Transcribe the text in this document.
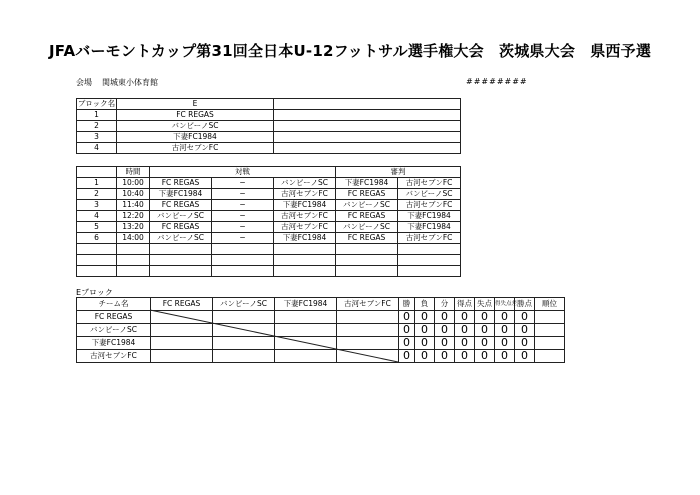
JFAバーモントカップ第31回全日本U-12フットサル選手権大会　茨城県大会　県西予選
会場 関城東小体育館	########
ブロック名	E	
1	FC REGAS	
2	バンビーノSC	
3	下妻FC1984	
4	古河セブンFC	
	時間	対戦			審判	
1	10:00	FC REGAS	−	バンビーノSC	下妻FC1984	古河セブンFC
2	10:40	下妻FC1984	−	古河セブンFC	FC REGAS	バンビーノSC
3	11:40	FC REGAS	−	下妻FC1984	バンビーノSC	古河セブンFC
4	12:20	バンビーノSC	−	古河セブンFC	FC REGAS	下妻FC1984
5	13:20	FC REGAS	−	古河セブンFC	バンビーノSC	下妻FC1984
6	14:00	バンビーノSC	−	下妻FC1984	FC REGAS	古河セブンFC

Eブロック
チーム名	FC REGAS	バンビーノSC	下妻FC1984	古河セブンFC	勝	負	分	得点	失点	得失点差	勝点	順位
FC REGAS					0	0	0	0	0	0	0	
バンビーノSC					0	0	0	0	0	0	0	
下妻FC1984					0	0	0	0	0	0	0	
古河セブンFC					0	0	0	0	0	0	0	
